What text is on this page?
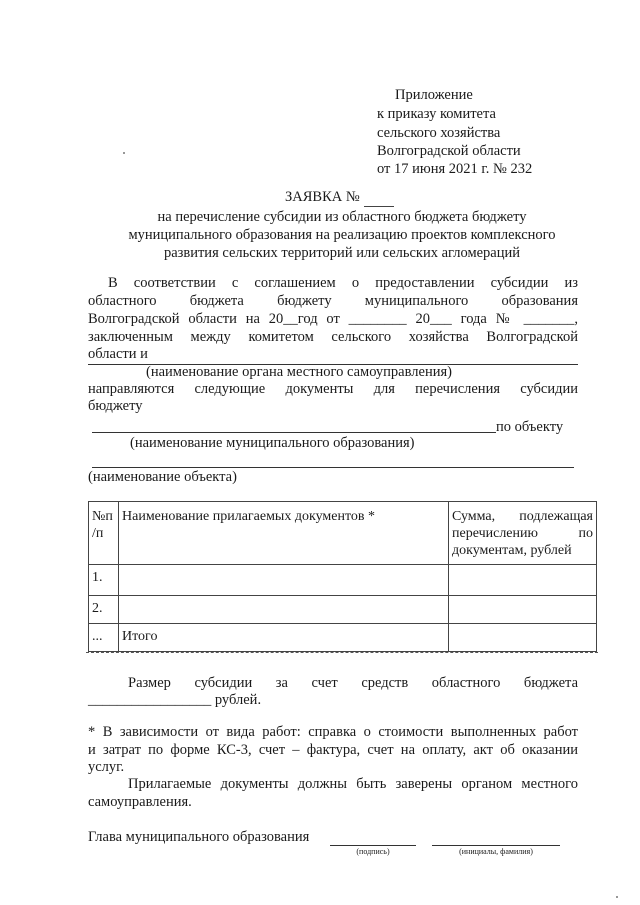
Приложение
к приказу комитета
сельского хозяйства
Волгоградской области
от 17 июня 2021 г. № 232
ЗАЯВКА №
на перечисление субсидии из областного бюджета бюджету
муниципального образования на реализацию проектов комплексного
развития сельских территорий или сельских агломераций
В соответствии с соглашением о предоставлении субсидии из
областного бюджета бюджету муниципального образования
Волгоградской области на 20__год от ________ 20___ года № _______,
заключенным между комитетом сельского хозяйства Волгоградской
области и
(наименование органа местного самоуправления)
направляются следующие документы для перечисления субсидии
бюджету
по объекту
(наименование муниципального образования)
(наименование объекта)
№п /п	Наименование прилагаемых документов *	Сумма, подлежащая
перечислению по
документам, рублей

1.		
2.		
...	Итого	
Размер субсидии за счет средств областного бюджета
_________________ рублей.
* В зависимости от вида работ: справка о стоимости выполненных работ
и затрат по форме КС-3, счет – фактура, счет на оплату, акт об оказании
услуг.
Прилагаемые документы должны быть заверены органом местного
самоуправления.
Глава муниципального образования
(подпись)	(инициалы, фамилия)
